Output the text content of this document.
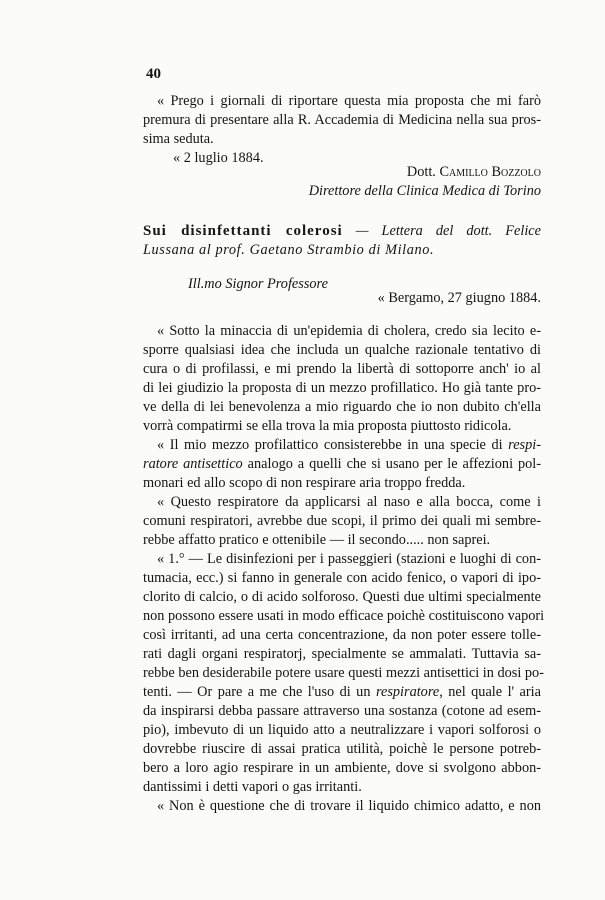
40
« Prego i giornali di riportare questa mia proposta che mi farò
premura di presentare alla R. Accademia di Medicina nella sua pros-
sima seduta.
« 2 luglio 1884.
Dott. Camillo Bozzolo
Direttore della Clinica Medica di Torino
Sui disinfettanti colerosi — Lettera del dott. Felice
Lussana al prof. Gaetano Strambio di Milano.
Ill.mo Signor Professore
« Bergamo, 27 giugno 1884.
« Sotto la minaccia di un'epidemia di cholera, credo sia lecito e-
sporre qualsiasi idea che includa un qualche razionale tentativo di
cura o di profilassi, e mi prendo la libertà di sottoporre anch' io al
di lei giudizio la proposta di un mezzo profillatico. Ho già tante pro-
ve della di lei benevolenza a mio riguardo che io non dubito ch'ella
vorrà compatirmi se ella trova la mia proposta piuttosto ridicola.
« Il mio mezzo profilattico consisterebbe in una specie di respi-
ratore antisettico analogo a quelli che si usano per le affezioni pol-
monari ed allo scopo di non respirare aria troppo fredda.
« Questo respiratore da applicarsi al naso e alla bocca, come i
comuni respiratori, avrebbe due scopi, il primo dei quali mi sembre-
rebbe affatto pratico e ottenibile — il secondo..... non saprei.
« 1.° — Le disinfezioni per i passeggieri (stazioni e luoghi di con-
tumacia, ecc.) si fanno in generale con acido fenico, o vapori di ipo-
clorito di calcio, o di acido solforoso. Questi due ultimi specialmente
non possono essere usati in modo efficace poichè costituiscono vapori
così irritanti, ad una certa concentrazione, da non poter essere tolle-
rati dagli organi respiratorj, specialmente se ammalati. Tuttavia sa-
rebbe ben desiderabile potere usare questi mezzi antisettici in dosi po-
tenti. — Or pare a me che l'uso di un respiratore, nel quale l' aria
da inspirarsi debba passare attraverso una sostanza (cotone ad esem-
pio), imbevuto di un liquido atto a neutralizzare i vapori solforosi o
dovrebbe riuscire di assai pratica utilità, poichè le persone potreb-
bero a loro agio respirare in un ambiente, dove si svolgono abbon-
dantissimi i detti vapori o gas irritanti.
« Non è questione che di trovare il liquido chimico adatto, e non
